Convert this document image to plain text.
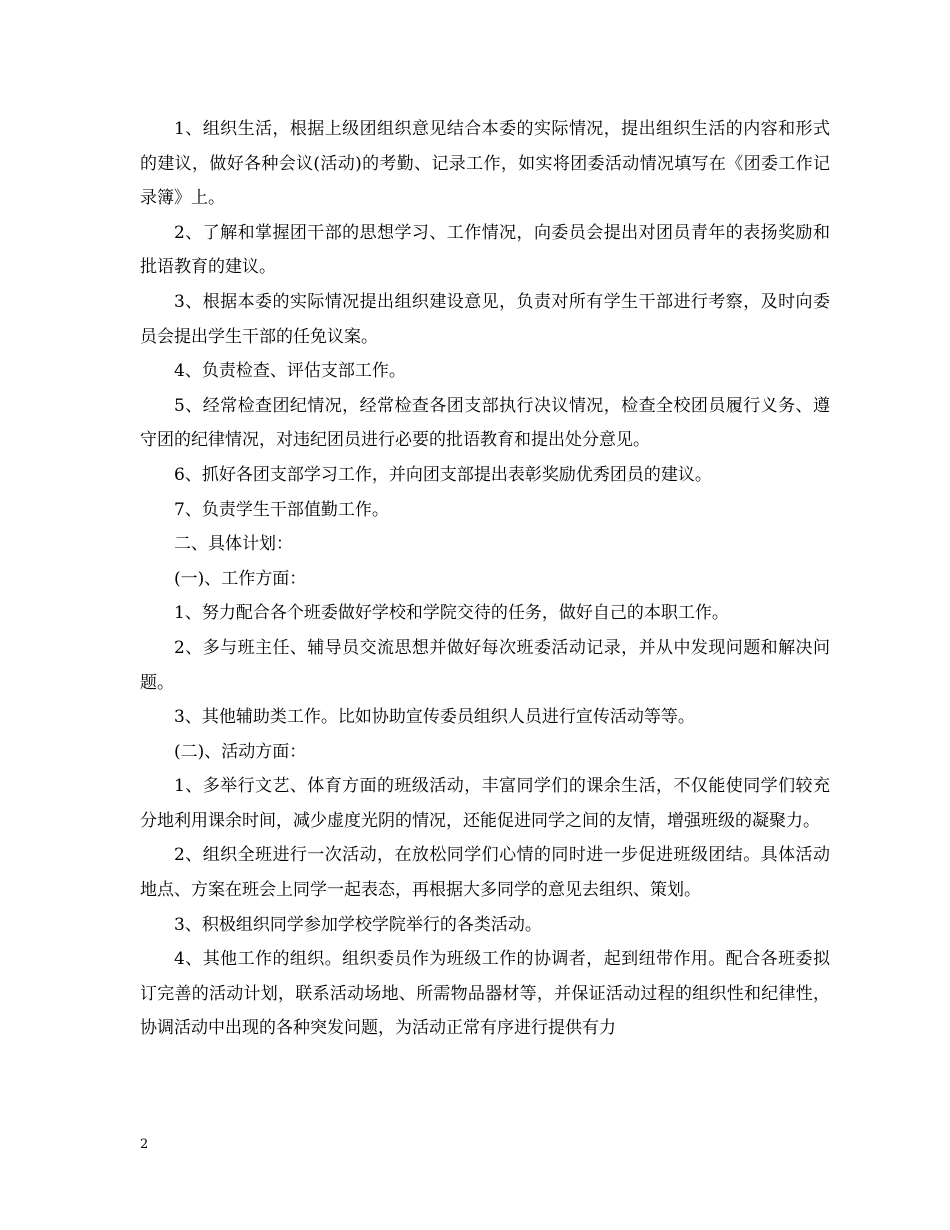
1、组织生活，根据上级团组织意见结合本委的实际情况，提出组织生活的内容和形式的建议，做好各种会议(活动)的考勤、记录工作，如实将团委活动情况填写在《团委工作记录簿》上。

2、了解和掌握团干部的思想学习、工作情况，向委员会提出对团员青年的表扬奖励和批语教育的建议。

3、根据本委的实际情况提出组织建设意见，负责对所有学生干部进行考察，及时向委员会提出学生干部的任免议案。

4、负责检查、评估支部工作。

5、经常检查团纪情况，经常检查各团支部执行决议情况，检查全校团员履行义务、遵守团的纪律情况，对违纪团员进行必要的批语教育和提出处分意见。

6、抓好各团支部学习工作，并向团支部提出表彰奖励优秀团员的建议。

7、负责学生干部值勤工作。

二、具体计划：

(一)、工作方面：

1、努力配合各个班委做好学校和学院交待的任务，做好自己的本职工作。

2、多与班主任、辅导员交流思想并做好每次班委活动记录，并从中发现问题和解决问题。

3、其他辅助类工作。比如协助宣传委员组织人员进行宣传活动等等。

(二)、活动方面：

1、多举行文艺、体育方面的班级活动，丰富同学们的课余生活，不仅能使同学们较充分地利用课余时间，减少虚度光阴的情况，还能促进同学之间的友情，增强班级的凝聚力。

2、组织全班进行一次活动，在放松同学们心情的同时进一步促进班级团结。具体活动地点、方案在班会上同学一起表态，再根据大多同学的意见去组织、策划。

3、积极组织同学参加学校学院举行的各类活动。

4、其他工作的组织。组织委员作为班级工作的协调者，起到纽带作用。配合各班委拟订完善的活动计划，联系活动场地、所需物品器材等，并保证活动过程的组织性和纪律性，协调活动中出现的各种突发问题，为活动正常有序进行提供有力

2
